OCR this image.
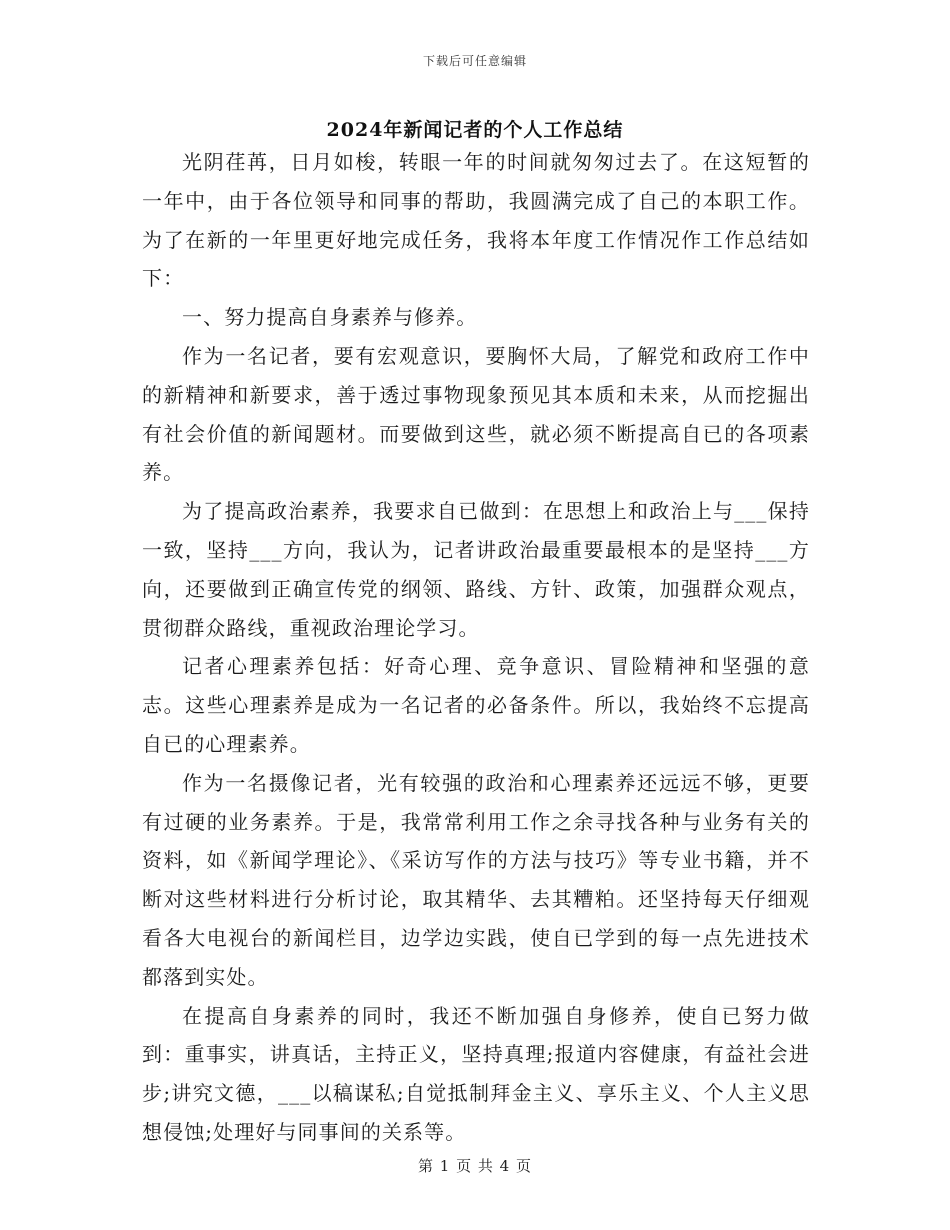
下载后可任意编辑
2024年新闻记者的个人工作总结

光阴荏苒，日月如梭，转眼一年的时间就匆匆过去了。在这短暂的一年中，由于各位领导和同事的帮助，我圆满完成了自己的本职工作。为了在新的一年里更好地完成任务，我将本年度工作情况作工作总结如下：

一、努力提高自身素养与修养。

作为一名记者，要有宏观意识，要胸怀大局，了解党和政府工作中的新精神和新要求，善于透过事物现象预见其本质和未来，从而挖掘出有社会价值的新闻题材。而要做到这些，就必须不断提高自已的各项素养。

为了提高政治素养，我要求自已做到：在思想上和政治上与___保持一致，坚持___方向，我认为，记者讲政治最重要最根本的是坚持___方向，还要做到正确宣传党的纲领、路线、方针、政策，加强群众观点，贯彻群众路线，重视政治理论学习。

记者心理素养包括：好奇心理、竞争意识、冒险精神和坚强的意志。这些心理素养是成为一名记者的必备条件。所以，我始终不忘提高自已的心理素养。

作为一名摄像记者，光有较强的政治和心理素养还远远不够，更要有过硬的业务素养。于是，我常常利用工作之余寻找各种与业务有关的资料，如《新闻学理论》、《采访写作的方法与技巧》等专业书籍，并不断对这些材料进行分析讨论，取其精华、去其糟粕。还坚持每天仔细观看各大电视台的新闻栏目，边学边实践，使自已学到的每一点先进技术都落到实处。

在提高自身素养的同时，我还不断加强自身修养，使自已努力做到：重事实，讲真话，主持正义，坚持真理;报道内容健康，有益社会进步;讲究文德，___以稿谋私;自觉抵制拜金主义、享乐主义、个人主义思想侵蚀;处理好与同事间的关系等。

第 1 页 共 4 页
